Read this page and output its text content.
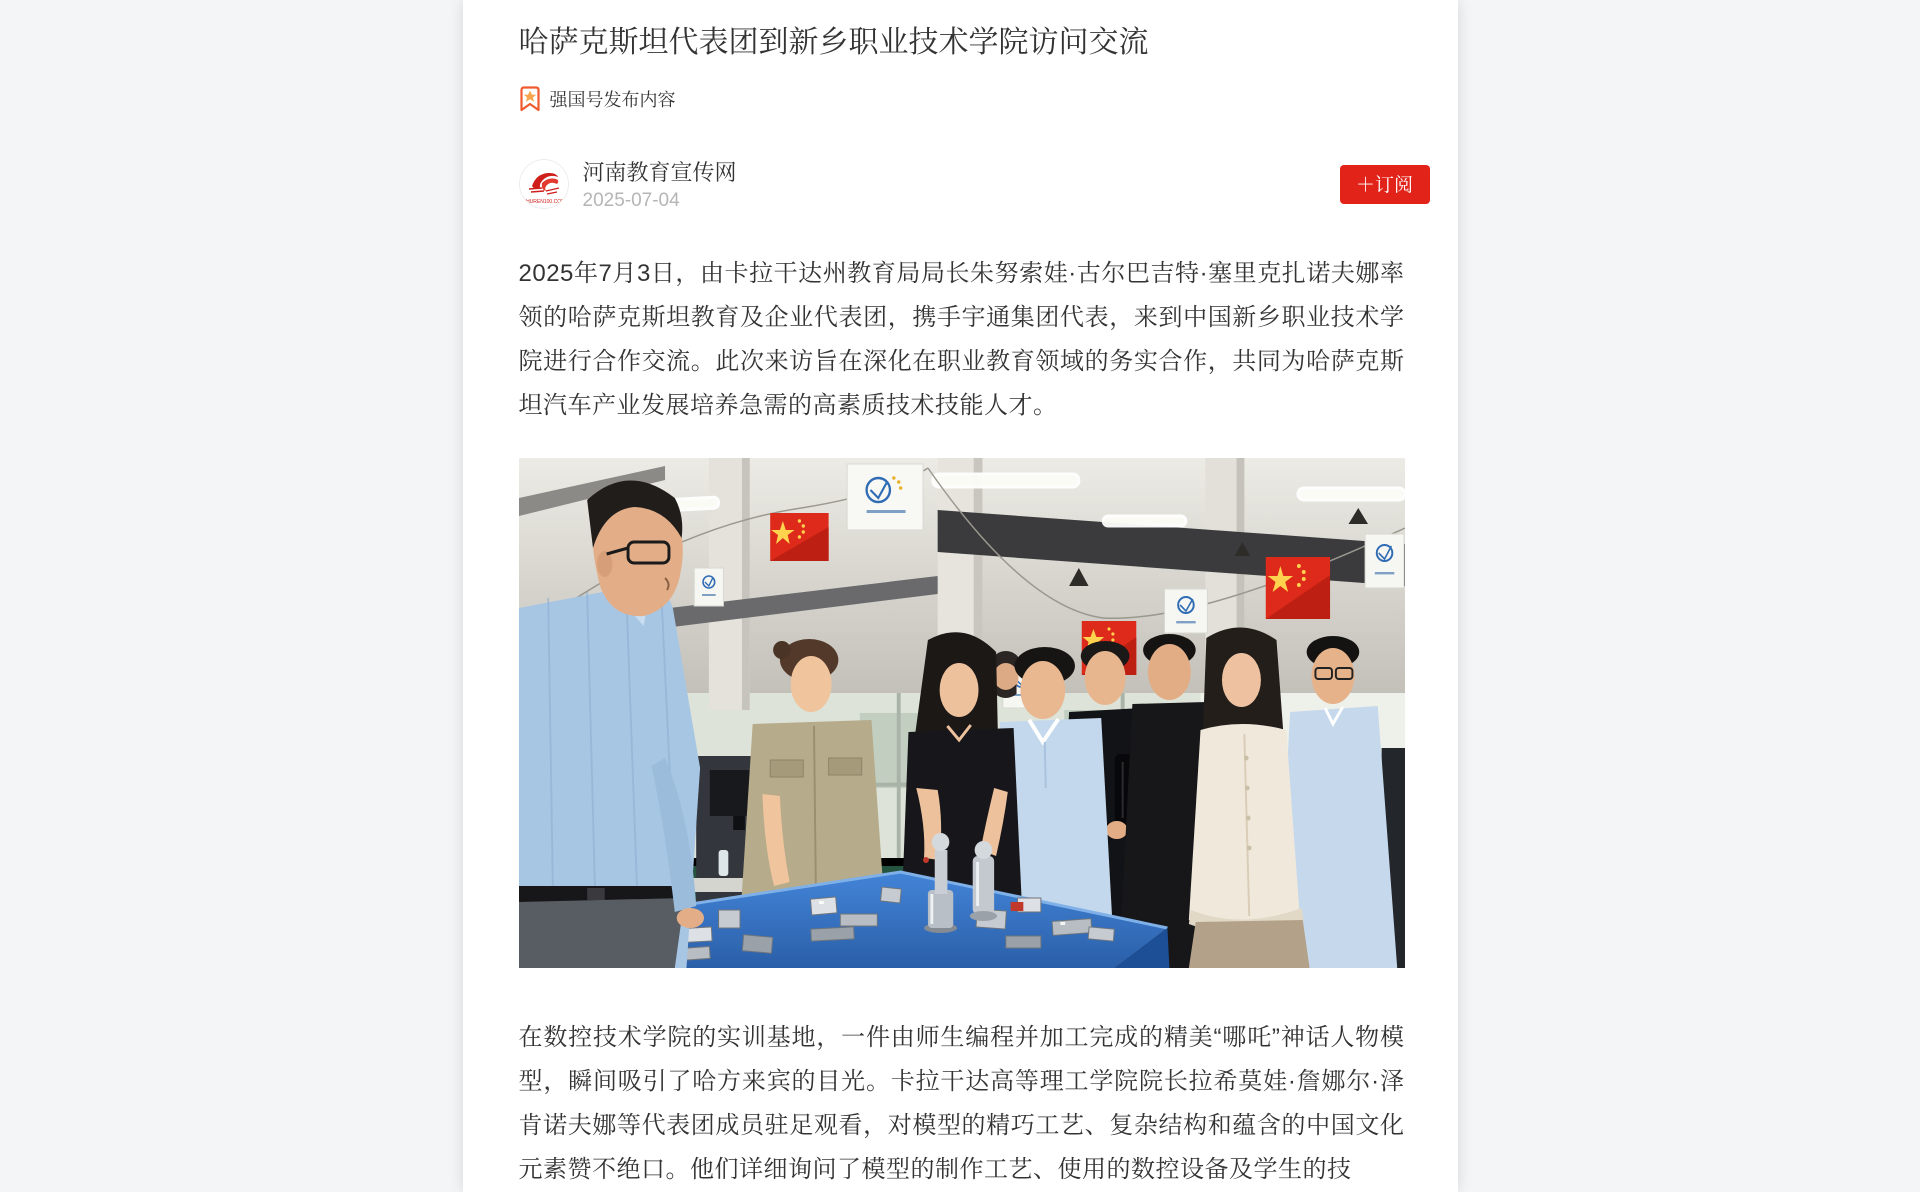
哈萨克斯坦代表团到新乡职业技术学院访问交流
强国号发布内容
SHUREN100.COM
河南教育宣传网
2025-07-04
＋订阅

2025年7月3日，由卡拉干达州教育局局长朱努索娃·古尔巴吉特·塞里克扎诺夫娜率领的哈萨克斯坦教育及企业代表团，携手宇通集团代表，来到中国新乡职业技术学院进行合作交流。此次来访旨在深化在职业教育领域的务实合作，共同为哈萨克斯坦汽车产业发展培养急需的高素质技术技能人才。

在数控技术学院的实训基地，一件由师生编程并加工完成的精美“哪吒”神话人物模型，瞬间吸引了哈方来宾的目光。卡拉干达高等理工学院院长拉希莫娃·詹娜尔·泽肯诺夫娜等代表团成员驻足观看，对模型的精巧工艺、复杂结构和蕴含的中国文化元素赞不绝口。他们详细询问了模型的制作工艺、使用的数控设备及学生的技
